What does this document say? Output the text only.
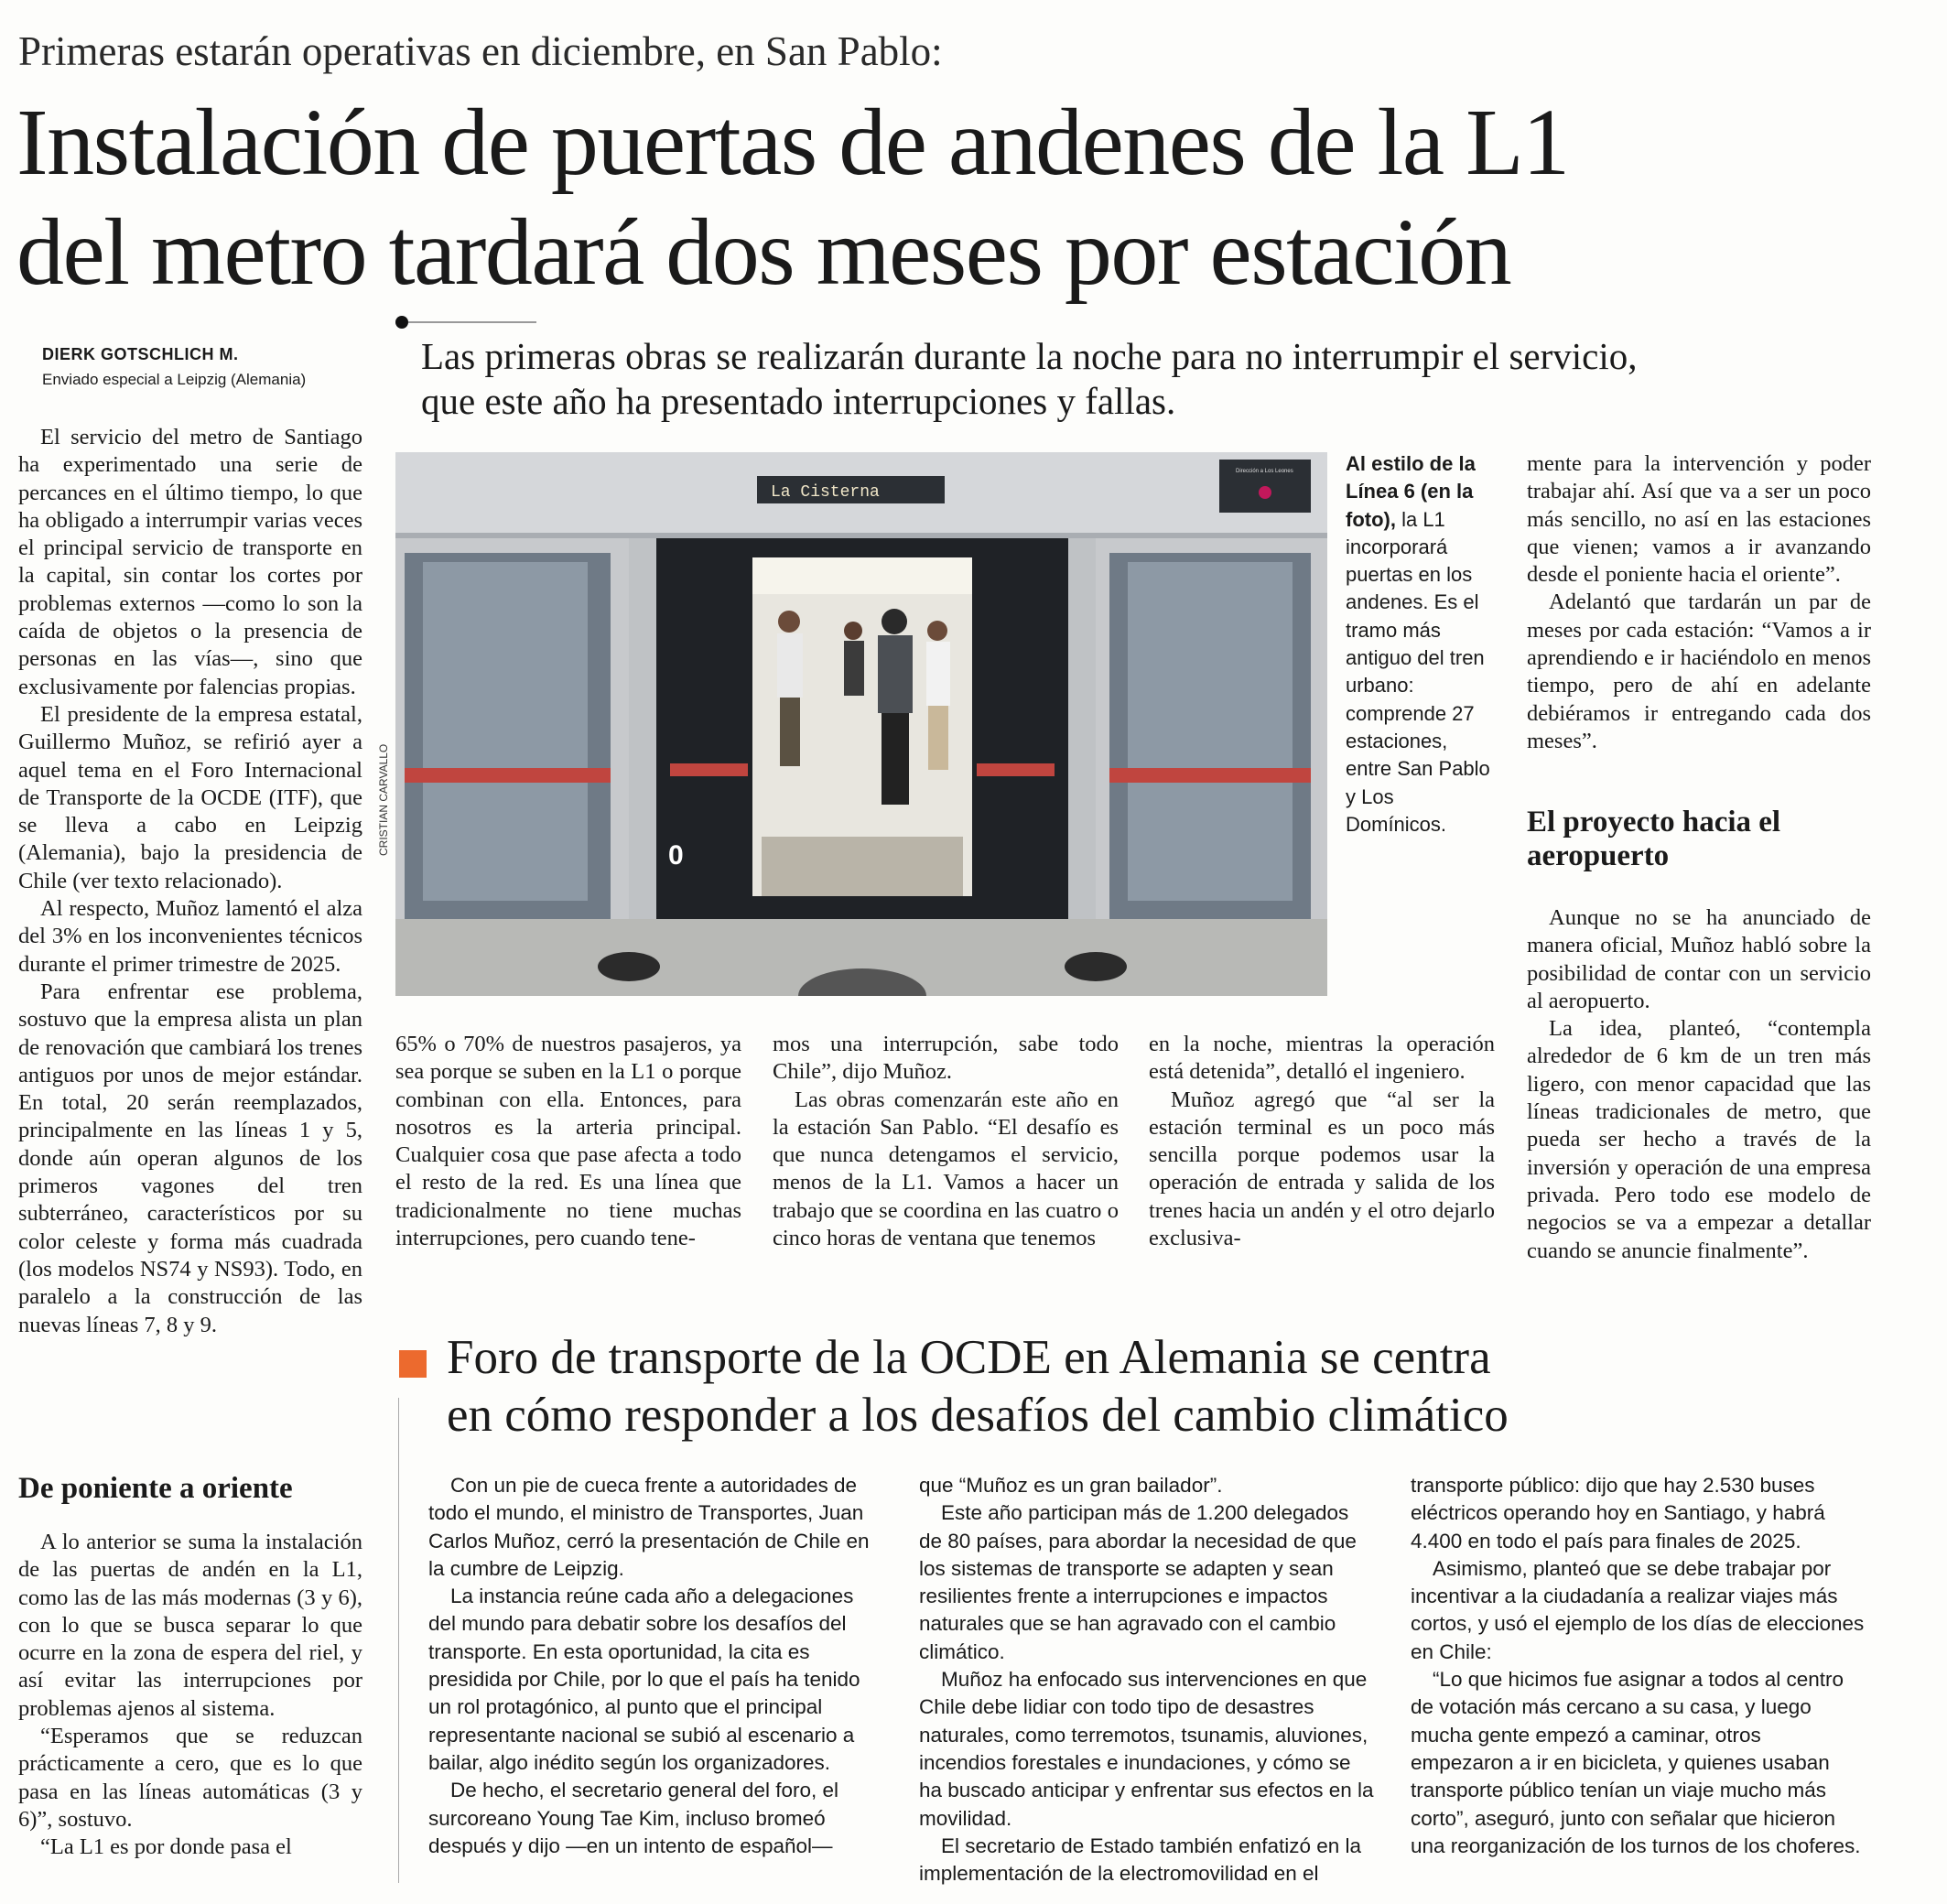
Primeras estarán operativas en diciembre, en San Pablo:
Instalación de puertas de andenes de la L1
del metro tardará dos meses por estación
DIERK GOTSCHLICH M.
Enviado especial a Leipzig (Alemania)
Las primeras obras se realizarán durante la noche para no interrumpir el servicio,
que este año ha presentado interrupciones y fallas.

El servicio del metro de Santiago ha experimentado una serie de percances en el último tiempo, lo que ha obligado a interrumpir varias veces el principal servicio de transporte en la capital, sin contar los cortes por problemas externos —como lo son la caída de objetos o la presencia de personas en las vías—, sino que exclusivamente por falencias propias.

El presidente de la empresa estatal, Guillermo Muñoz, se refirió ayer a aquel tema en el Foro Internacional de Transporte de la OCDE (ITF), que se lleva a cabo en Leipzig (Alemania), bajo la presidencia de Chile (ver texto relacionado).

Al respecto, Muñoz lamentó el alza del 3% en los inconvenientes técnicos durante el primer trimestre de 2025.

Para enfrentar ese problema, sostuvo que la empresa alista un plan de renovación que cambiará los trenes antiguos por unos de mejor estándar. En total, 20 serán reemplazados, principalmente en las líneas 1 y 5, donde aún operan algunos de los primeros vagones del tren subterráneo, característicos por su color celeste y forma más cuadrada (los modelos NS74 y NS93). Todo, en paralelo a la construcción de las nuevas líneas 7, 8 y 9.

De poniente a oriente

A lo anterior se suma la instalación de las puertas de andén en la L1, como las de las más modernas (3 y 6), con lo que se busca separar lo que ocurre en la zona de espera del riel, y así evitar las interrupciones por problemas ajenos al sistema.

“Esperamos que se reduzcan prácticamente a cero, que es lo que pasa en las líneas automáticas (3 y 6)”, sostuvo.

“La L1 es por donde pasa el

La Cisterna
Dirección a Los Leones
0
CRISTIAN CARVALLO
Al estilo de la Línea 6 (en la foto), la L1 incorporará puertas en los andenes. Es el tramo más antiguo del tren urbano: comprende 27 estaciones, entre San Pablo y Los Domínicos.

mente para la intervención y poder trabajar ahí. Así que va a ser un poco más sencillo, no así en las estaciones que vienen; vamos a ir avanzando desde el poniente hacia el oriente”.

Adelantó que tardarán un par de meses por cada estación: “Vamos a ir aprendiendo e ir haciéndolo en menos tiempo, pero de ahí en adelante debiéramos ir entregando cada dos meses”.

El proyecto hacia el aeropuerto

Aunque no se ha anunciado de manera oficial, Muñoz habló sobre la posibilidad de contar con un servicio al aeropuerto.

La idea, planteó, “contempla alrededor de 6 km de un tren más ligero, con menor capacidad que las líneas tradicionales de metro, que pueda ser hecho a través de la inversión y operación de una empresa privada. Pero todo ese modelo de negocios se va a empezar a detallar cuando se anuncie finalmente”.

65% o 70% de nuestros pasajeros, ya sea porque se suben en la L1 o porque combinan con ella. Entonces, para nosotros es la arteria principal. Cualquier cosa que pase afecta a todo el resto de la red. Es una línea que tradicionalmente no tiene muchas interrupciones, pero cuando tene-

mos una interrupción, sabe todo Chile”, dijo Muñoz.

Las obras comenzarán este año en la estación San Pablo. “El desafío es que nunca detengamos el servicio, menos de la L1. Vamos a hacer un trabajo que se coordina en las cuatro o cinco horas de ventana que tenemos

en la noche, mientras la operación está detenida”, detalló el ingeniero.

Muñoz agregó que “al ser la estación terminal es un poco más sencilla porque podemos usar la operación de entrada y salida de los trenes hacia un andén y el otro dejarlo exclusiva-

Foro de transporte de la OCDE en Alemania se centra
en cómo responder a los desafíos del cambio climático

Con un pie de cueca frente a autoridades de todo el mundo, el ministro de Transportes, Juan Carlos Muñoz, cerró la presentación de Chile en la cumbre de Leipzig.

La instancia reúne cada año a delegaciones del mundo para debatir sobre los desafíos del transporte. En esta oportunidad, la cita es presidida por Chile, por lo que el país ha tenido un rol protagónico, al punto que el principal representante nacional se subió al escenario a bailar, algo inédito según los organizadores.

De hecho, el secretario general del foro, el surcoreano Young Tae Kim, incluso bromeó después y dijo —en un intento de español—

que “Muñoz es un gran bailador”.

Este año participan más de 1.200 delegados de 80 países, para abordar la necesidad de que los sistemas de transporte se adapten y sean resilientes frente a interrupciones e impactos naturales que se han agravado con el cambio climático.

Muñoz ha enfocado sus intervenciones en que Chile debe lidiar con todo tipo de desastres naturales, como terremotos, tsunamis, aluviones, incendios forestales e inundaciones, y cómo se ha buscado anticipar y enfrentar sus efectos en la movilidad.

El secretario de Estado también enfatizó en la implementación de la electromovilidad en el

transporte público: dijo que hay 2.530 buses eléctricos operando hoy en Santiago, y habrá 4.400 en todo el país para finales de 2025.

Asimismo, planteó que se debe trabajar por incentivar a la ciudadanía a realizar viajes más cortos, y usó el ejemplo de los días de elecciones en Chile:

“Lo que hicimos fue asignar a todos al centro de votación más cercano a su casa, y luego mucha gente empezó a caminar, otros empezaron a ir en bicicleta, y quienes usaban transporte público tenían un viaje mucho más corto”, aseguró, junto con señalar que hicieron una reorganización de los turnos de los choferes.
